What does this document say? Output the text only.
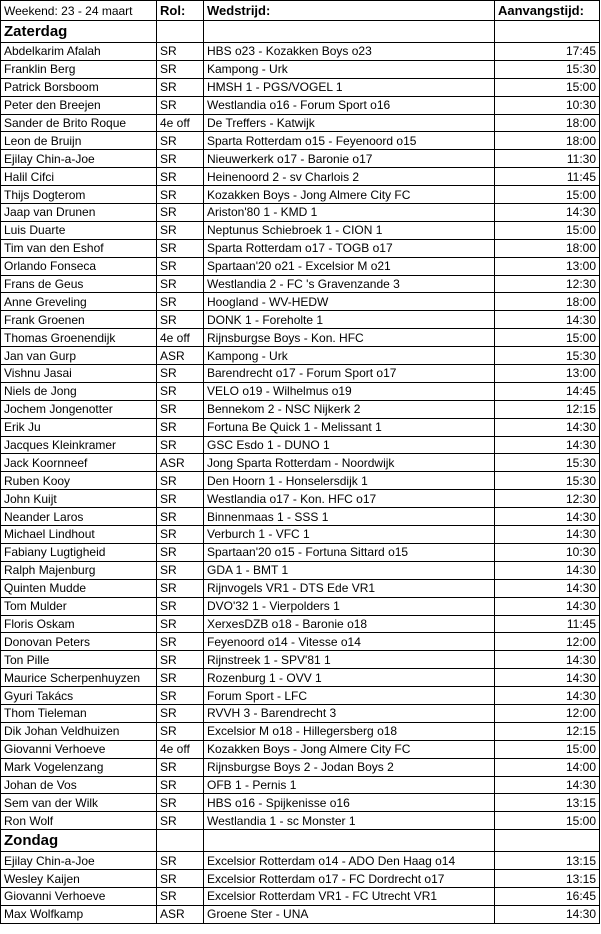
Weekend: 23 - 24 maart	Rol:	Wedstrijd:	Aanvangstijd:
Zaterdag			
Abdelkarim Afalah	SR	HBS o23 - Kozakken Boys o23	17:45
Franklin Berg	SR	Kampong - Urk	15:30
Patrick Borsboom	SR	HMSH 1 - PGS/VOGEL 1	15:00
Peter den Breejen	SR	Westlandia o16 - Forum Sport o16	10:30
Sander de Brito Roque	4e off	De Treffers - Katwijk	18:00
Leon de Bruijn	SR	Sparta Rotterdam o15 - Feyenoord o15	18:00
Ejilay Chin-a-Joe	SR	Nieuwerkerk o17 - Baronie o17	11:30
Halil Cifci	SR	Heinenoord 2 - sv Charlois 2	11:45
Thijs Dogterom	SR	Kozakken Boys - Jong Almere City FC	15:00
Jaap van Drunen	SR	Ariston'80 1 - KMD 1	14:30
Luis Duarte	SR	Neptunus Schiebroek 1 - CION 1	15:00
Tim van den Eshof	SR	Sparta Rotterdam o17 - TOGB o17	18:00
Orlando Fonseca	SR	Spartaan'20 o21 - Excelsior M o21	13:00
Frans de Geus	SR	Westlandia 2 - FC 's Gravenzande 3	12:30
Anne Greveling	SR	Hoogland - WV-HEDW	18:00
Frank Groenen	SR	DONK 1 - Foreholte 1	14:30
Thomas Groenendijk	4e off	Rijnsburgse Boys - Kon. HFC	15:00
Jan van Gurp	ASR	Kampong - Urk	15:30
Vishnu Jasai	SR	Barendrecht o17 - Forum Sport o17	13:00
Niels de Jong	SR	VELO o19 - Wilhelmus o19	14:45
Jochem Jongenotter	SR	Bennekom 2 - NSC Nijkerk 2	12:15
Erik Ju	SR	Fortuna Be Quick 1 - Melissant 1	14:30
Jacques Kleinkramer	SR	GSC Esdo 1 - DUNO 1	14:30
Jack Koornneef	ASR	Jong Sparta Rotterdam - Noordwijk	15:30
Ruben Kooy	SR	Den Hoorn 1 - Honselersdijk 1	15:30
John Kuijt	SR	Westlandia o17 - Kon. HFC o17	12:30
Neander Laros	SR	Binnenmaas 1 - SSS 1	14:30
Michael Lindhout	SR	Verburch 1 - VFC 1	14:30
Fabiany Lugtigheid	SR	Spartaan'20 o15 - Fortuna Sittard o15	10:30
Ralph Majenburg	SR	GDA 1 - BMT 1	14:30
Quinten Mudde	SR	Rijnvogels VR1 - DTS Ede VR1	14:30
Tom Mulder	SR	DVO'32 1 - Vierpolders 1	14:30
Floris Oskam	SR	XerxesDZB o18 - Baronie o18	11:45
Donovan Peters	SR	Feyenoord o14 - Vitesse o14	12:00
Ton Pille	SR	Rijnstreek 1 - SPV'81 1	14:30
Maurice Scherpenhuyzen	SR	Rozenburg 1 - OVV 1	14:30
Gyuri Takács	SR	Forum Sport - LFC	14:30
Thom Tieleman	SR	RVVH 3 - Barendrecht 3	12:00
Dik Johan Veldhuizen	SR	Excelsior M o18 - Hillegersberg o18	12:15
Giovanni Verhoeve	4e off	Kozakken Boys - Jong Almere City FC	15:00
Mark Vogelenzang	SR	Rijnsburgse Boys 2 - Jodan Boys 2	14:00
Johan de Vos	SR	OFB 1 - Pernis 1	14:30
Sem van der Wilk	SR	HBS o16 - Spijkenisse o16	13:15
Ron Wolf	SR	Westlandia 1 - sc Monster 1	15:00
Zondag			
Ejilay Chin-a-Joe	SR	Excelsior Rotterdam o14 - ADO Den Haag o14	13:15
Wesley Kaijen	SR	Excelsior Rotterdam o17 - FC Dordrecht o17	13:15
Giovanni Verhoeve	SR	Excelsior Rotterdam VR1 - FC Utrecht VR1	16:45
Max Wolfkamp	ASR	Groene Ster - UNA	14:30
